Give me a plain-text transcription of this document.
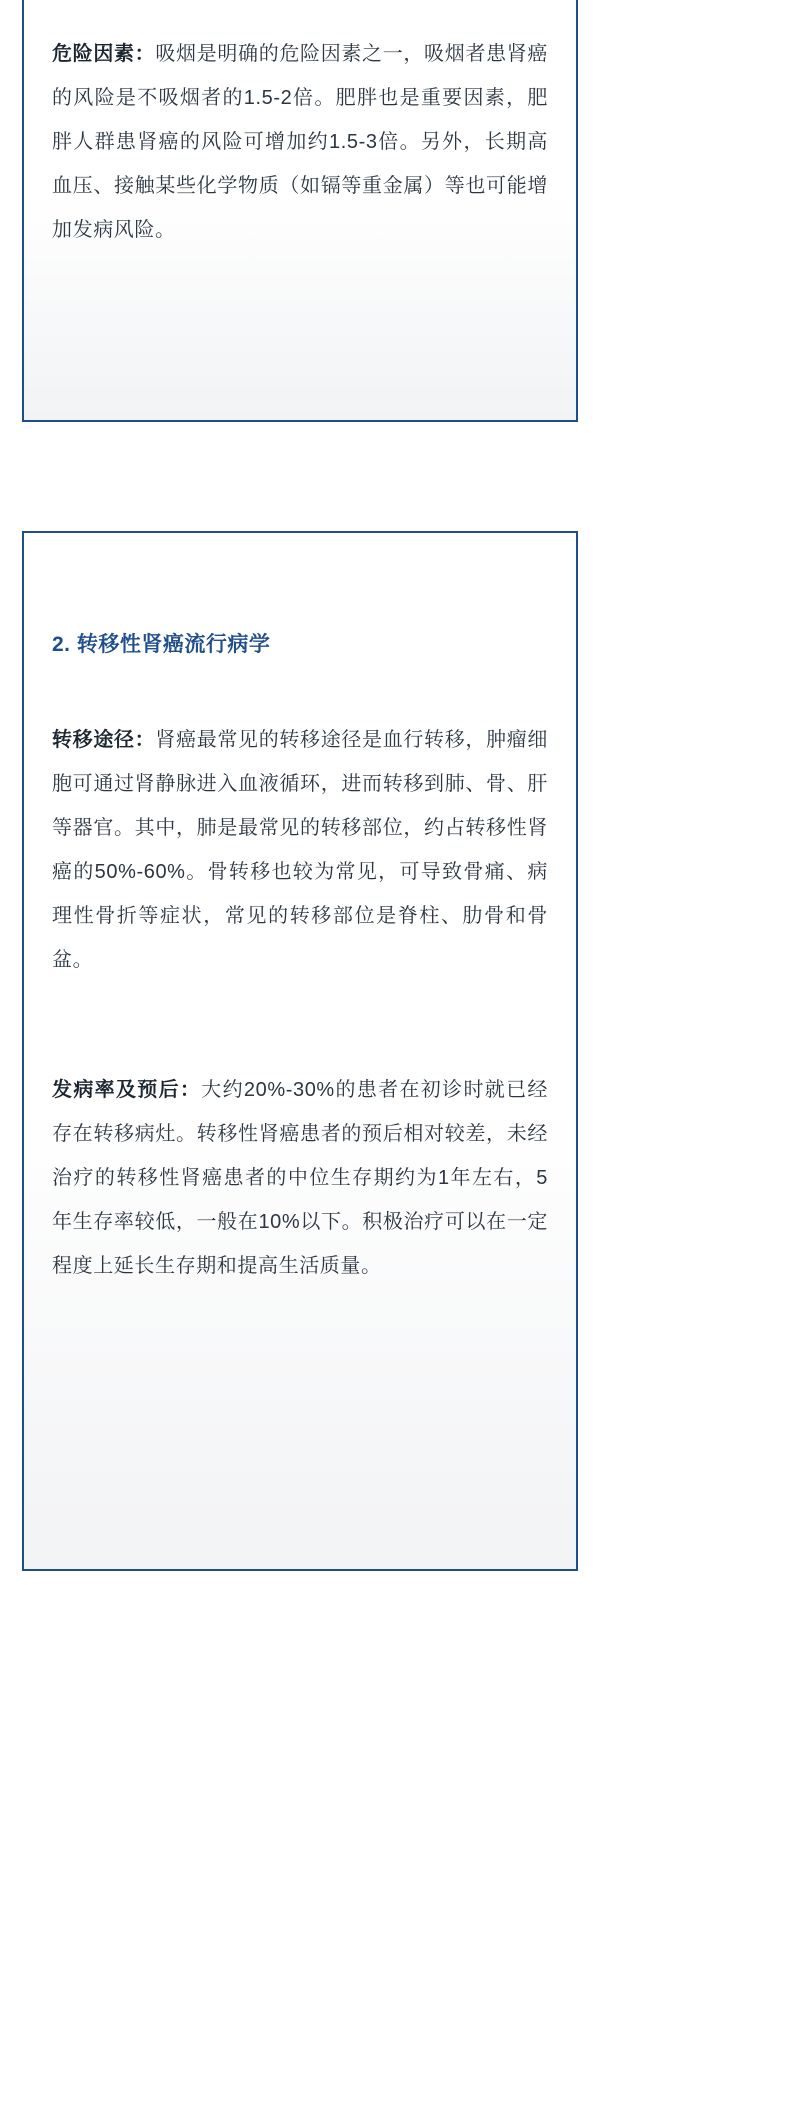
危险因素：吸烟是明确的危险因素之一，吸烟者患肾癌的风险是不吸烟者的1.5-2倍。肥胖也是重要因素，肥胖人群患肾癌的风险可增加约1.5-3倍。另外，长期高血压、接触某些化学物质（如镉等重金属）等也可能增加发病风险。

2. 转移性肾癌流行病学

转移途径：肾癌最常见的转移途径是血行转移，肿瘤细胞可通过肾静脉进入血液循环，进而转移到肺、骨、肝等器官。其中，肺是最常见的转移部位，约占转移性肾癌的50%-60%。骨转移也较为常见，可导致骨痛、病理性骨折等症状，常见的转移部位是脊柱、肋骨和骨盆。

发病率及预后：大约20%-30%的患者在初诊时就已经存在转移病灶。转移性肾癌患者的预后相对较差，未经治疗的转移性肾癌患者的中位生存期约为1年左右，5年生存率较低，一般在10%以下。积极治疗可以在一定程度上延长生存期和提高生活质量。
